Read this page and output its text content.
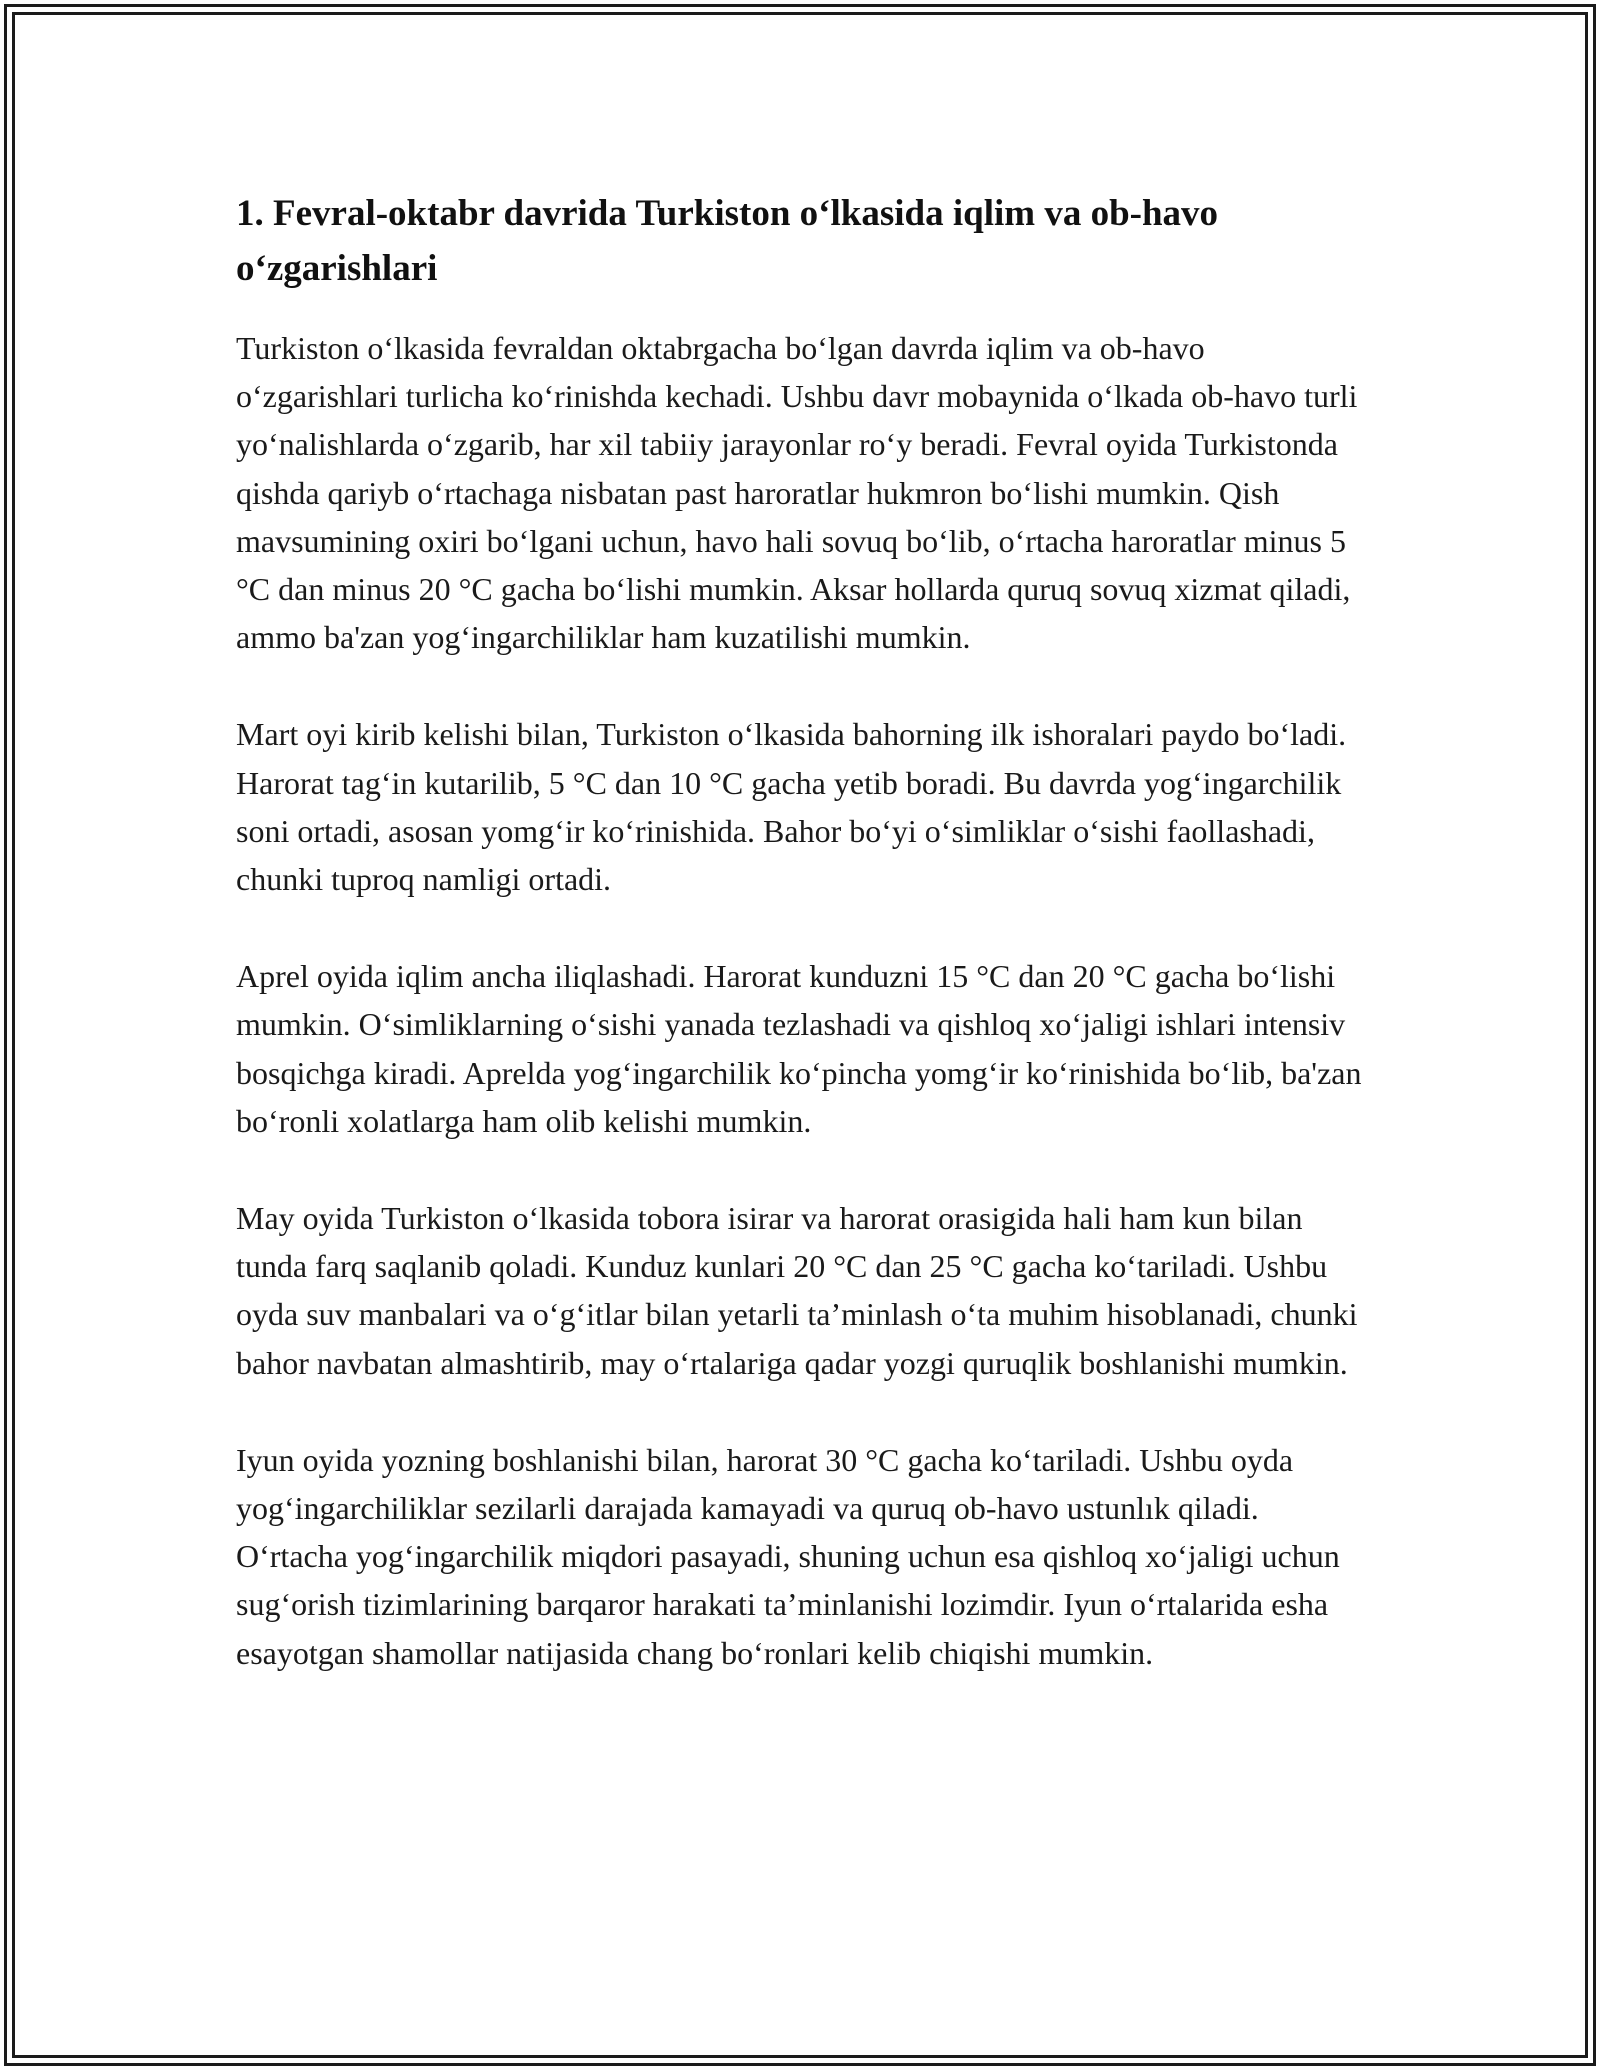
1. Fevral-oktabr davrida Turkiston o‘lkasida iqlim va ob-havo o‘zgarishlari

Turkiston o‘lkasida fevraldan oktabrgacha bo‘lgan davrda iqlim va ob-havo o‘zgarishlari turlicha ko‘rinishda kechadi. Ushbu davr mobaynida o‘lkada ob-havo turli yo‘nalishlarda o‘zgarib, har xil tabiiy jarayonlar ro‘y beradi. Fevral oyida Turkistonda qishda qariyb o‘rtachaga nisbatan past haroratlar hukmron bo‘lishi mumkin. Qish mavsumining oxiri bo‘lgani uchun, havo hali sovuq bo‘lib, o‘rtacha haroratlar minus 5 °C dan minus 20 °C gacha bo‘lishi mumkin. Aksar hollarda quruq sovuq xizmat qiladi, ammo ba'zan yog‘ingarchiliklar ham kuzatilishi mumkin.

Mart oyi kirib kelishi bilan, Turkiston o‘lkasida bahorning ilk ishoralari paydo bo‘ladi. Harorat tag‘in kutarilib, 5 °C dan 10 °C gacha yetib boradi. Bu davrda yog‘ingarchilik soni ortadi, asosan yomg‘ir ko‘rinishida. Bahor bo‘yi o‘simliklar o‘sishi faollashadi, chunki tuproq namligi ortadi.

Aprel oyida iqlim ancha iliqlashadi. Harorat kunduzni 15 °C dan 20 °C gacha bo‘lishi mumkin. O‘simliklarning o‘sishi yanada tezlashadi va qishloq xo‘jaligi ishlari intensiv bosqichga kiradi. Aprelda yog‘ingarchilik ko‘pincha yomg‘ir ko‘rinishida bo‘lib, ba'zan bo‘ronli xolatlarga ham olib kelishi mumkin.

May oyida Turkiston o‘lkasida tobora isirar va harorat orasigida hali ham kun bilan tunda farq saqlanib qoladi. Kunduz kunlari 20 °C dan 25 °C gacha ko‘tariladi. Ushbu oyda suv manbalari va o‘g‘itlar bilan yetarli ta’minlash o‘ta muhim hisoblanadi, chunki bahor navbatan almashtirib, may o‘rtalariga qadar yozgi quruqlik boshlanishi mumkin.

Iyun oyida yozning boshlanishi bilan, harorat 30 °C gacha ko‘tariladi. Ushbu oyda yog‘ingarchiliklar sezilarli darajada kamayadi va quruq ob-havo ustunlık qiladi. O‘rtacha yog‘ingarchilik miqdori pasayadi, shuning uchun esa qishloq xo‘jaligi uchun sug‘orish tizimlarining barqaror harakati ta’minlanishi lozimdir. Iyun o‘rtalarida esha esayotgan shamollar natijasida chang bo‘ronlari kelib chiqishi mumkin.
